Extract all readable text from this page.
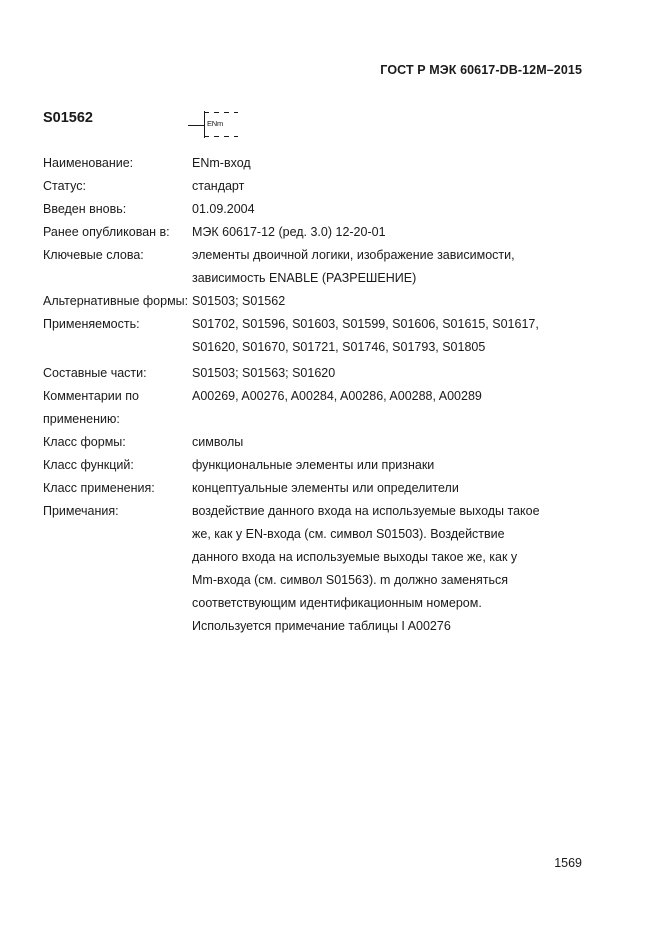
ГОСТ Р МЭК 60617-DB-12M–2015
S01562	ENm
Наименование:	ENm-вход
Статус:	стандарт
Введен вновь:	01.09.2004
Ранее опубликован в:	МЭК 60617-12 (ред. 3.0) 12-20-01
Ключевые слова:	элементы двоичной логики, изображение зависимости,
зависимость ENABLE (РАЗРЕШЕНИЕ)
Альтернативные формы: S01503; S01562
Применяемость:	S01702, S01596, S01603, S01599, S01606, S01615, S01617,
S01620, S01670, S01721, S01746, S01793, S01805
Составные части:	S01503; S01563; S01620
Комментарии по применению:
A00269, A00276, A00284, A00286, A00288, A00289
Класс формы:	символы
Класс функций:	функциональные элементы или признаки
Класс применения:	концептуальные элементы или определители
Примечания:	воздействие данного входа на используемые выходы такое
же, как у EN-входа (см. символ S01503). Воздействие
данного входа на используемые выходы такое же, как у
Mm-входа (см. символ S01563). m должно заменяться
соответствующим идентификационным номером.
Используется примечание таблицы I A00276
1569
